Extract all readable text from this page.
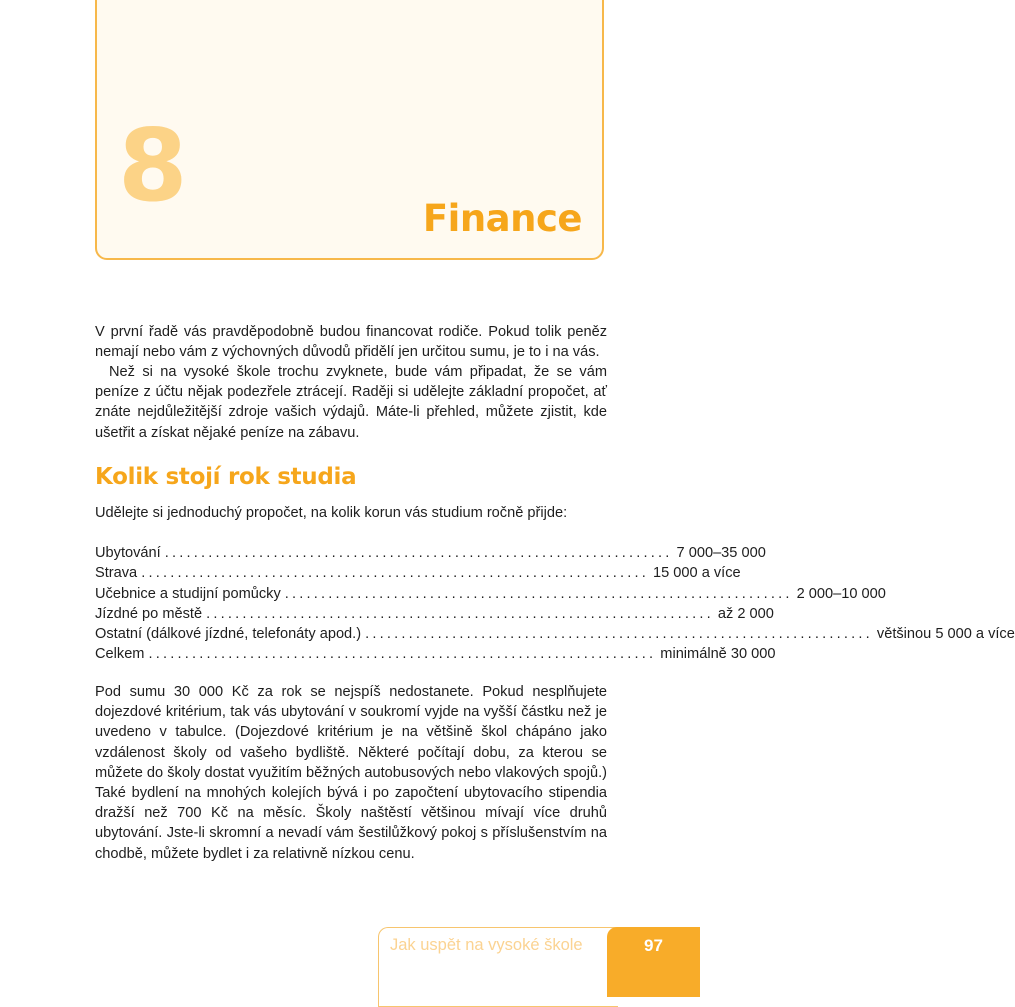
8	Finance

V první řadě vás pravděpodobně budou financovat rodiče. Pokud tolik peněz nemají nebo vám z výchovných důvodů přidělí jen určitou sumu, je to i na vás.

Než si na vysoké škole trochu zvyknete, bude vám připadat, že se vám peníze z účtu nějak podezřele ztrácejí. Raději si udělejte základní propočet, ať znáte nejdůležitější zdroje vašich výdajů. Máte-li přehled, můžete zjistit, kde ušetřit a získat nějaké peníze na zábavu.

Kolik stojí rok studia

Udělejte si jednoduchý propočet, na kolik korun vás studium ročně přijde:

Ubytování ...................................................................... 7 000–35 000
Strava ...................................................................... 15 000 a více
Učebnice a studijní pomůcky ...................................................................... 2 000–10 000
Jízdné po městě ...................................................................... až 2 000
Ostatní (dálkové jízdné, telefonáty apod.) ...................................................................... většinou 5 000 a více
Celkem ...................................................................... minimálně 30 000

Pod sumu 30 000 Kč za rok se nejspíš nedostanete. Pokud nesplňujete dojezdové kritérium, tak vás ubytování v soukromí vyjde na vyšší částku než je uvedeno v tabulce. (Dojezdové kritérium je na většině škol chápáno jako vzdálenost školy od vašeho bydliště. Některé počítají dobu, za kterou se můžete do školy dostat využitím běžných autobusových nebo vlakových spojů.) Také bydlení na mnohých kolejích bývá i po započtení ubytovacího stipendia dražší než 700 Kč na měsíc. Školy naštěstí většinou mívají více druhů ubytování. Jste-li skromní a nevadí vám šestilůžkový pokoj s příslušenstvím na chodbě, můžete bydlet i za relativně nízkou cenu.

Jak uspět na vysoké škole	97
